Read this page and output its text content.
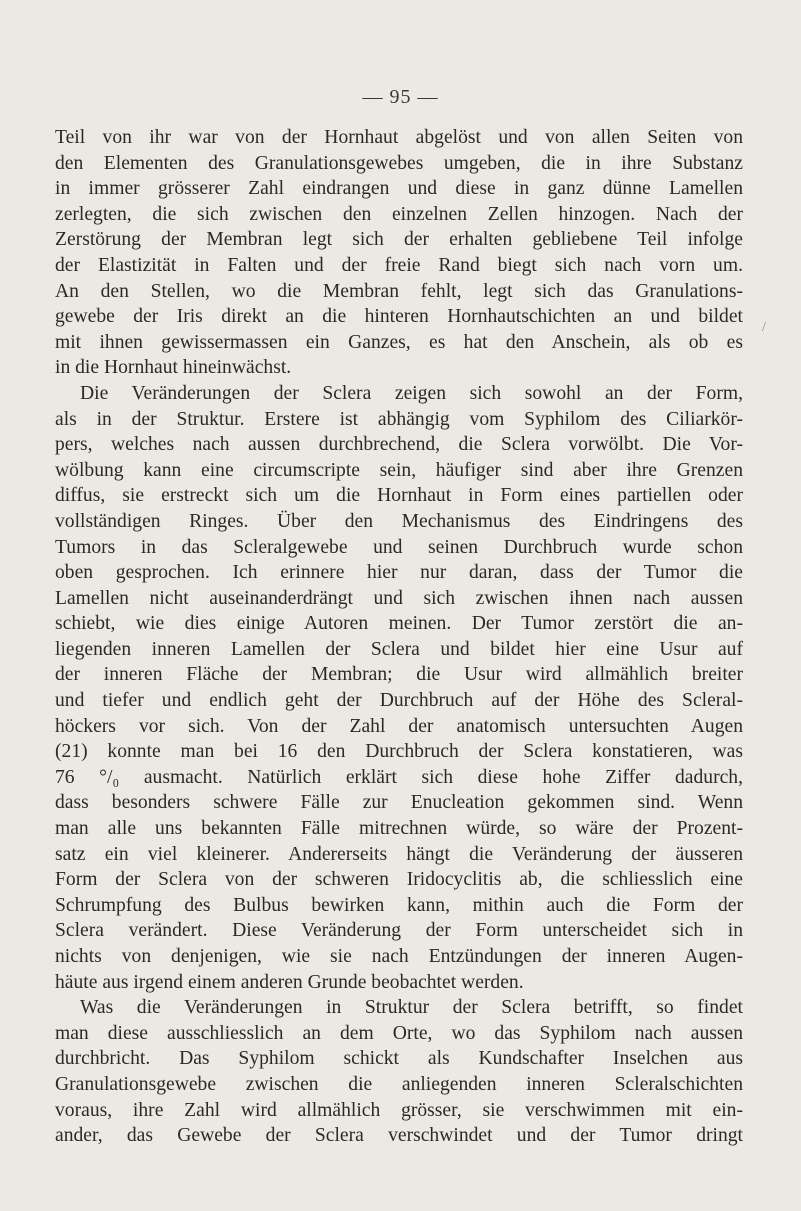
— 95 —
/
Teil von ihr war von der Hornhaut abgelöst und von allen Seiten von
den Elementen des Granulationsgewebes umgeben, die in ihre Substanz
in immer grösserer Zahl eindrangen und diese in ganz dünne Lamellen
zerlegten, die sich zwischen den einzelnen Zellen hinzogen. Nach der
Zerstörung der Membran legt sich der erhalten gebliebene Teil infolge
der Elastizität in Falten und der freie Rand biegt sich nach vorn um.
An den Stellen, wo die Membran fehlt, legt sich das Granulations-
gewebe der Iris direkt an die hinteren Hornhautschichten an und bildet
mit ihnen gewissermassen ein Ganzes, es hat den Anschein, als ob es
in die Hornhaut hineinwächst.
Die Veränderungen der Sclera zeigen sich sowohl an der Form,
als in der Struktur. Erstere ist abhängig vom Syphilom des Ciliarkör-
pers, welches nach aussen durchbrechend, die Sclera vorwölbt. Die Vor-
wölbung kann eine circumscripte sein, häufiger sind aber ihre Grenzen
diffus, sie erstreckt sich um die Hornhaut in Form eines partiellen oder
vollständigen Ringes. Über den Mechanismus des Eindringens des
Tumors in das Scleralgewebe und seinen Durchbruch wurde schon
oben gesprochen. Ich erinnere hier nur daran, dass der Tumor die
Lamellen nicht auseinanderdrängt und sich zwischen ihnen nach aussen
schiebt, wie dies einige Autoren meinen. Der Tumor zerstört die an-
liegenden inneren Lamellen der Sclera und bildet hier eine Usur auf
der inneren Fläche der Membran; die Usur wird allmählich breiter
und tiefer und endlich geht der Durchbruch auf der Höhe des Scleral-
höckers vor sich. Von der Zahl der anatomisch untersuchten Augen
(21) konnte man bei 16 den Durchbruch der Sclera konstatieren, was
76 °/₀ ausmacht. Natürlich erklärt sich diese hohe Ziffer dadurch,
dass besonders schwere Fälle zur Enucleation gekommen sind. Wenn
man alle uns bekannten Fälle mitrechnen würde, so wäre der Prozent-
satz ein viel kleinerer. Andererseits hängt die Veränderung der äusseren
Form der Sclera von der schweren Iridocyclitis ab, die schliesslich eine
Schrumpfung des Bulbus bewirken kann, mithin auch die Form der
Sclera verändert. Diese Veränderung der Form unterscheidet sich in
nichts von denjenigen, wie sie nach Entzündungen der inneren Augen-
häute aus irgend einem anderen Grunde beobachtet werden.
Was die Veränderungen in Struktur der Sclera betrifft, so findet
man diese ausschliesslich an dem Orte, wo das Syphilom nach aussen
durchbricht. Das Syphilom schickt als Kundschafter Inselchen aus
Granulationsgewebe zwischen die anliegenden inneren Scleralschichten
voraus, ihre Zahl wird allmählich grösser, sie verschwimmen mit ein-
ander, das Gewebe der Sclera verschwindet und der Tumor dringt
